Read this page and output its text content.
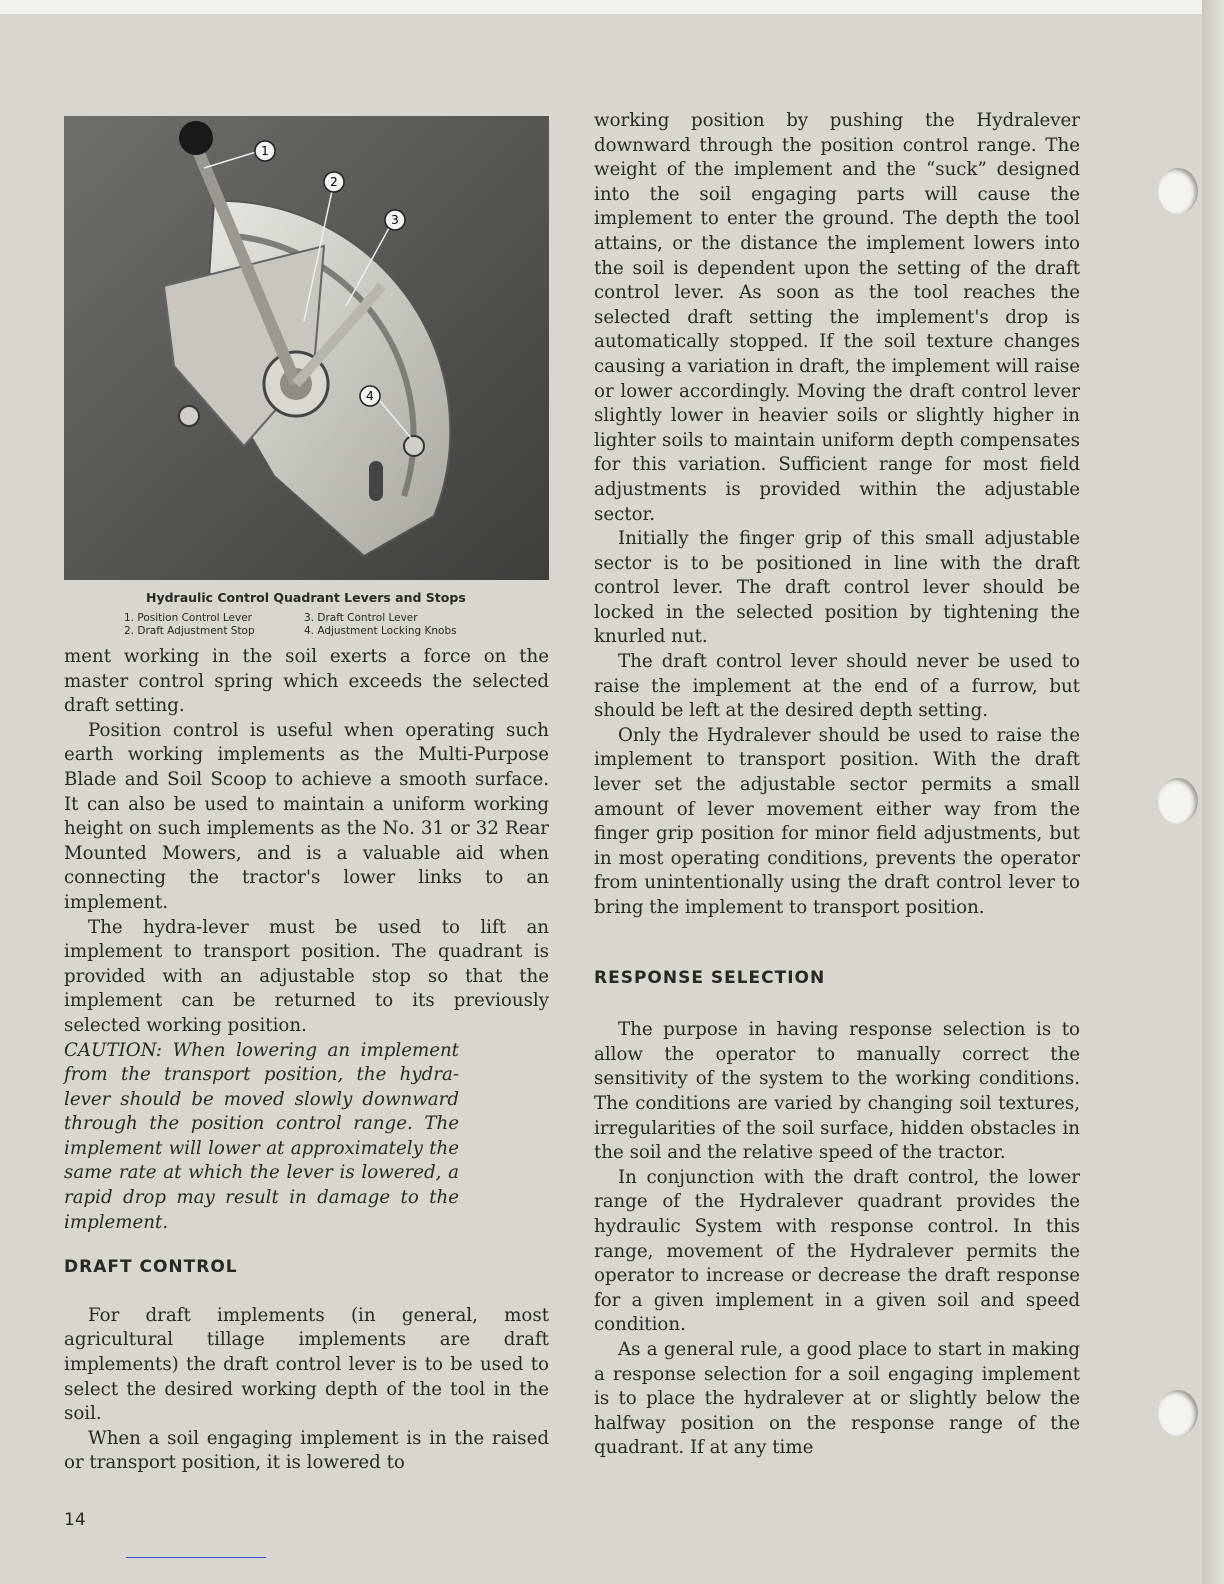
1
2
3
4
Hydraulic Control Quadrant Levers and Stops
1. Position Control Lever
2. Draft Adjustment Stop
3. Draft Control Lever
4. Adjustment Locking Knobs

ment working in the soil exerts a force on the master control spring which exceeds the selected draft setting.

Position control is useful when operating such earth working implements as the Multi-Purpose Blade and Soil Scoop to achieve a smooth surface. It can also be used to maintain a uniform working height on such implements as the No. 31 or 32 Rear Mounted Mowers, and is a valuable aid when connecting the tractor's lower links to an implement.

The hydra-lever must be used to lift an implement to transport position. The quadrant is provided with an adjustable stop so that the implement can be returned to its previously selected working position.

CAUTION: When lowering an implement from the transport position, the hydra-lever should be moved slowly downward through the position control range. The implement will lower at approximately the same rate at which the lever is lowered, a rapid drop may result in damage to the implement.

DRAFT CONTROL

For draft implements (in general, most agricultural tillage implements are draft implements) the draft control lever is to be used to select the desired working depth of the tool in the soil.

When a soil engaging implement is in the raised or transport position, it is lowered to

working position by pushing the Hydralever downward through the position control range. The weight of the implement and the “suck” designed into the soil engaging parts will cause the implement to enter the ground. The depth the tool attains, or the distance the implement lowers into the soil is dependent upon the setting of the draft control lever. As soon as the tool reaches the selected draft setting the implement's drop is automatically stopped. If the soil texture changes causing a variation in draft, the implement will raise or lower accordingly. Moving the draft control lever slightly lower in heavier soils or slightly higher in lighter soils to maintain uniform depth compensates for this variation. Sufficient range for most field adjustments is provided within the adjustable sector.

Initially the finger grip of this small adjustable sector is to be positioned in line with the draft control lever. The draft control lever should be locked in the selected position by tightening the knurled nut.

The draft control lever should never be used to raise the implement at the end of a furrow, but should be left at the desired depth setting.

Only the Hydralever should be used to raise the implement to transport position. With the draft lever set the adjustable sector permits a small amount of lever movement either way from the finger grip position for minor field adjustments, but in most operating conditions, prevents the operator from unintentionally using the draft control lever to bring the implement to transport position.

RESPONSE SELECTION

The purpose in having response selection is to allow the operator to manually correct the sensitivity of the system to the working conditions. The conditions are varied by changing soil textures, irregularities of the soil surface, hidden obstacles in the soil and the relative speed of the tractor.

In conjunction with the draft control, the lower range of the Hydralever quadrant provides the hydraulic System with response control. In this range, movement of the Hydralever permits the operator to increase or decrease the draft response for a given implement in a given soil and speed condition.

As a general rule, a good place to start in making a response selection for a soil engaging implement is to place the hydralever at or slightly below the halfway position on the response range of the quadrant. If at any time

14
